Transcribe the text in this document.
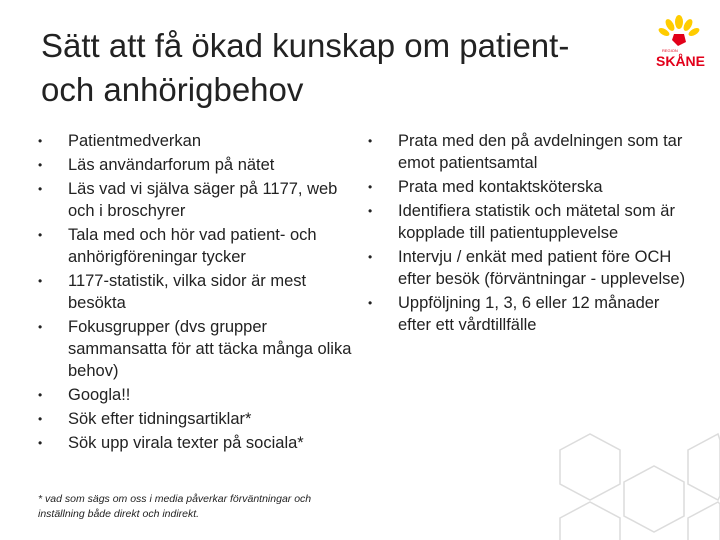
Sätt att få ökad kunskap om patient- och anhörigbehov
REGION
SKÅNE
• Patientmedverkan
• Läs användarforum på nätet
• Läs vad vi själva säger på 1177, web och i broschyrer
• Tala med och hör vad patient- och anhörigföreningar tycker
• 1177-statistik, vilka sidor är mest besökta
• Fokusgrupper (dvs grupper sammansatta för att täcka många olika behov)
• Googla!!
• Sök efter tidningsartiklar*
• Sök upp virala texter på sociala*
• Prata med den på avdelningen som tar emot patientsamtal
• Prata med kontaktsköterska
• Identifiera statistik och mätetal som är kopplade till patientupplevelse
• Intervju / enkät med patient före OCH efter besök (förväntningar - upplevelse)
• Uppföljning 1, 3, 6 eller 12 månader efter ett vårdtillfälle
* vad som sägs om oss i media påverkar förväntningar och inställning både direkt och indirekt.
